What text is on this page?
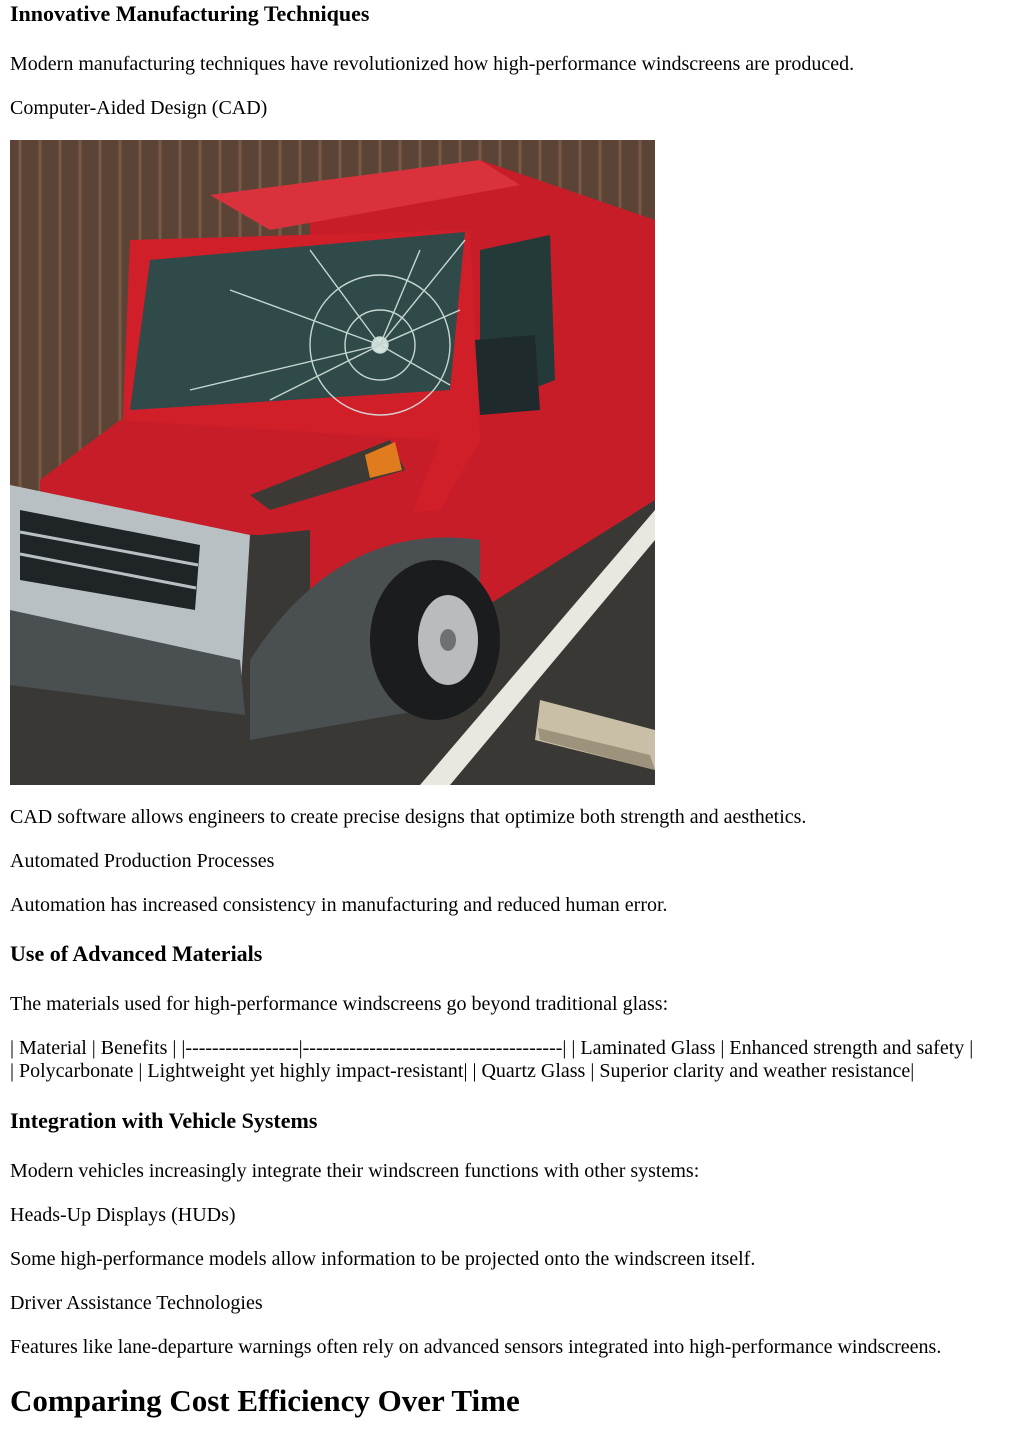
Innovative Manufacturing Techniques

Modern manufacturing techniques have revolutionized how high-performance windscreens are produced.

Computer-Aided Design (CAD)

CAD software allows engineers to create precise designs that optimize both strength and aesthetics.

Automated Production Processes

Automation has increased consistency in manufacturing and reduced human error.

Use of Advanced Materials

The materials used for high-performance windscreens go beyond traditional glass:

| Material | Benefits | |-----------------|---------------------------------------| | Laminated Glass | Enhanced strength and safety |

| Polycarbonate | Lightweight yet highly impact-resistant| | Quartz Glass | Superior clarity and weather resistance|

Integration with Vehicle Systems

Modern vehicles increasingly integrate their windscreen functions with other systems:

Heads-Up Displays (HUDs)

Some high-performance models allow information to be projected onto the windscreen itself.

Driver Assistance Technologies

Features like lane-departure warnings often rely on advanced sensors integrated into high-performance windscreens.

Comparing Cost Efficiency Over Time
